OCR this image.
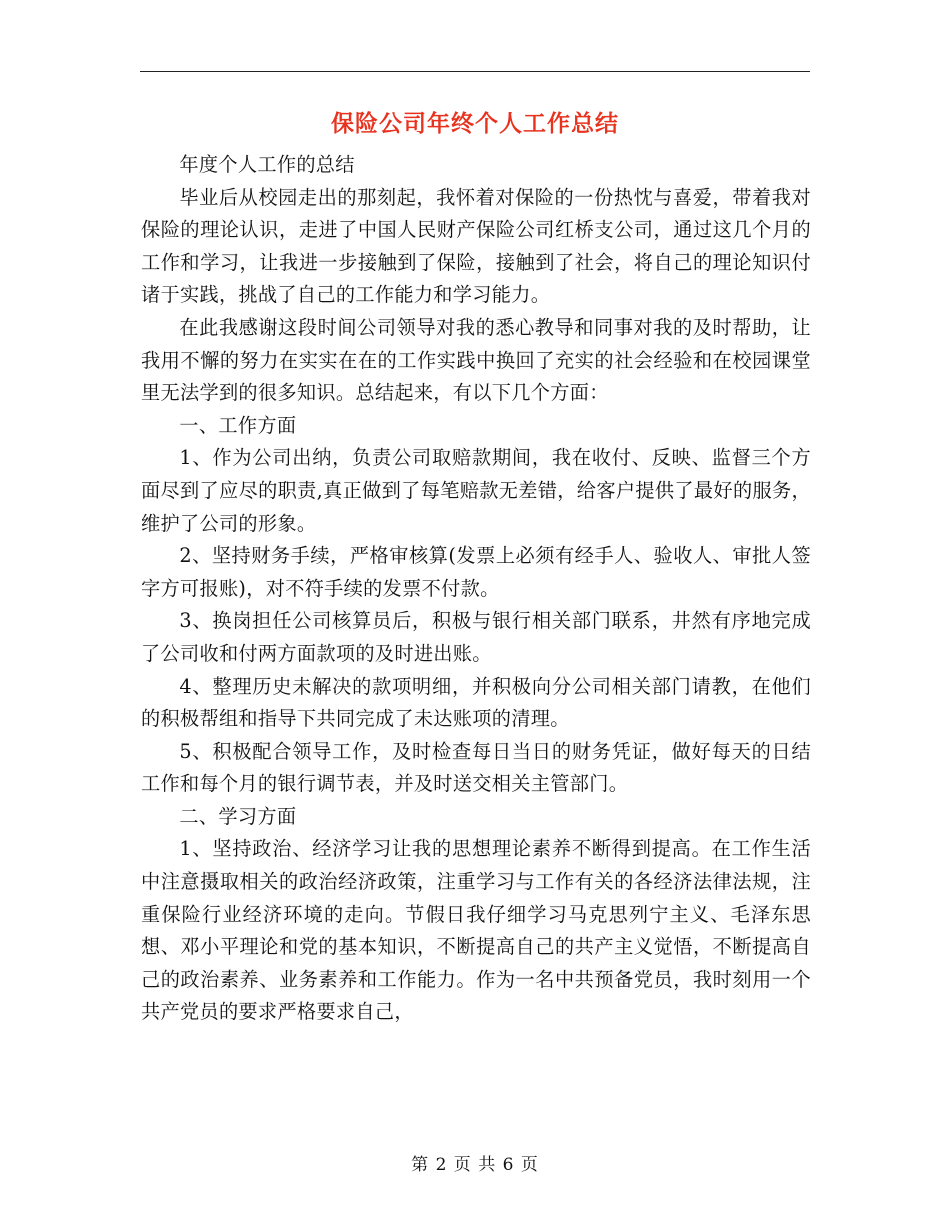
保险公司年终个人工作总结

年度个人工作的总结

毕业后从校园走出的那刻起，我怀着对保险的一份热忱与喜爱，带着我对保险的理论认识，走进了中国人民财产保险公司红桥支公司，通过这几个月的工作和学习，让我进一步接触到了保险，接触到了社会，将自己的理论知识付诸于实践，挑战了自己的工作能力和学习能力。

在此我感谢这段时间公司领导对我的悉心教导和同事对我的及时帮助，让我用不懈的努力在实实在在的工作实践中换回了充实的社会经验和在校园课堂里无法学到的很多知识。总结起来，有以下几个方面：

一、工作方面

1、作为公司出纳，负责公司取赔款期间，我在收付、反映、监督三个方面尽到了应尽的职责,真正做到了每笔赔款无差错，给客户提供了最好的服务，维护了公司的形象。

2、坚持财务手续，严格审核算(发票上必须有经手人、验收人、审批人签字方可报账)，对不符手续的发票不付款。

3、换岗担任公司核算员后，积极与银行相关部门联系，井然有序地完成了公司收和付两方面款项的及时进出账。

4、整理历史未解决的款项明细，并积极向分公司相关部门请教，在他们的积极帮组和指导下共同完成了未达账项的清理。

5、积极配合领导工作，及时检查每日当日的财务凭证，做好每天的日结工作和每个月的银行调节表，并及时送交相关主管部门。

二、学习方面

1、坚持政治、经济学习让我的思想理论素养不断得到提高。在工作生活中注意摄取相关的政治经济政策，注重学习与工作有关的各经济法律法规，注重保险行业经济环境的走向。节假日我仔细学习马克思列宁主义、毛泽东思想、邓小平理论和党的基本知识，不断提高自己的共产主义觉悟，不断提高自己的政治素养、业务素养和工作能力。作为一名中共预备党员，我时刻用一个共产党员的要求严格要求自己，

第 2 页 共 6 页
